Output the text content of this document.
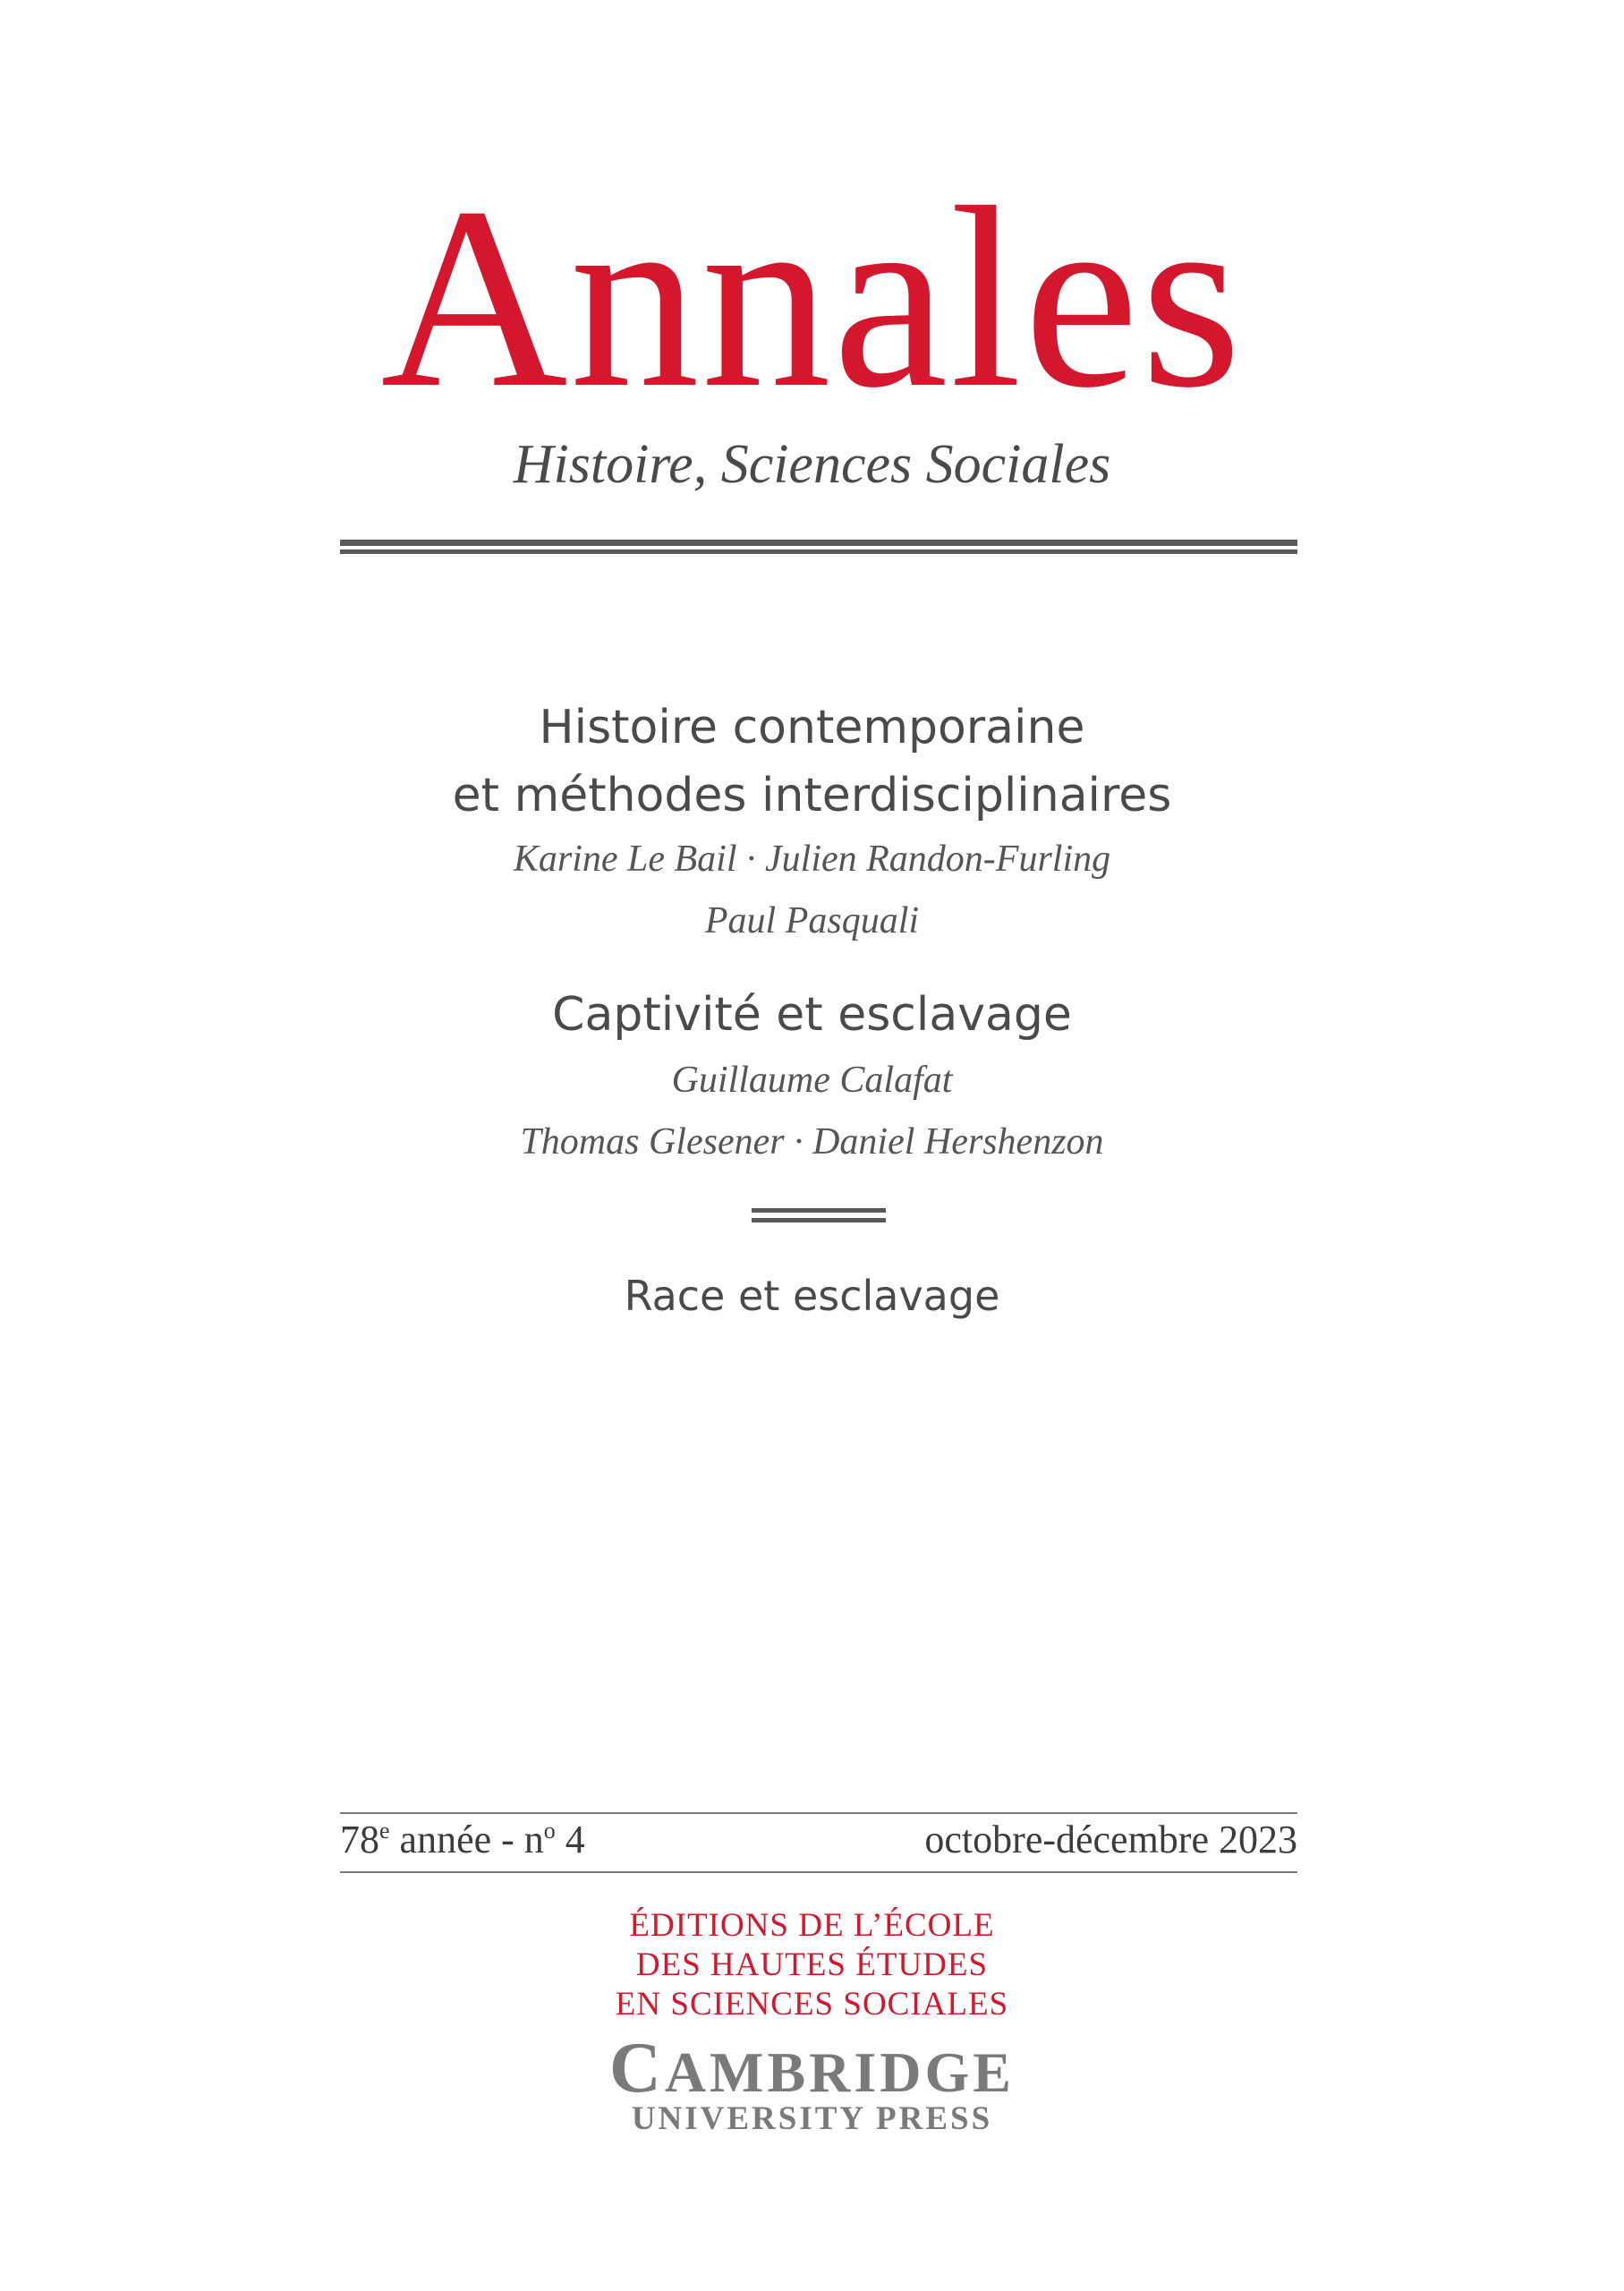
Annales
Histoire, Sciences Sociales
Histoire contemporaine
et méthodes interdisciplinaires
Karine Le Bail · Julien Randon-Furling
Paul Pasquali
Captivité et esclavage
Guillaume Calafat
Thomas Glesener · Daniel Hershenzon
Race et esclavage
78e année - $n^o$ 4	octobre-décembre 2023
ÉDITIONS DE L’ÉCOLE
DES HAUTES ÉTUDES
EN SCIENCES SOCIALES
CAMBRIDGE
UNIVERSITY PRESS
